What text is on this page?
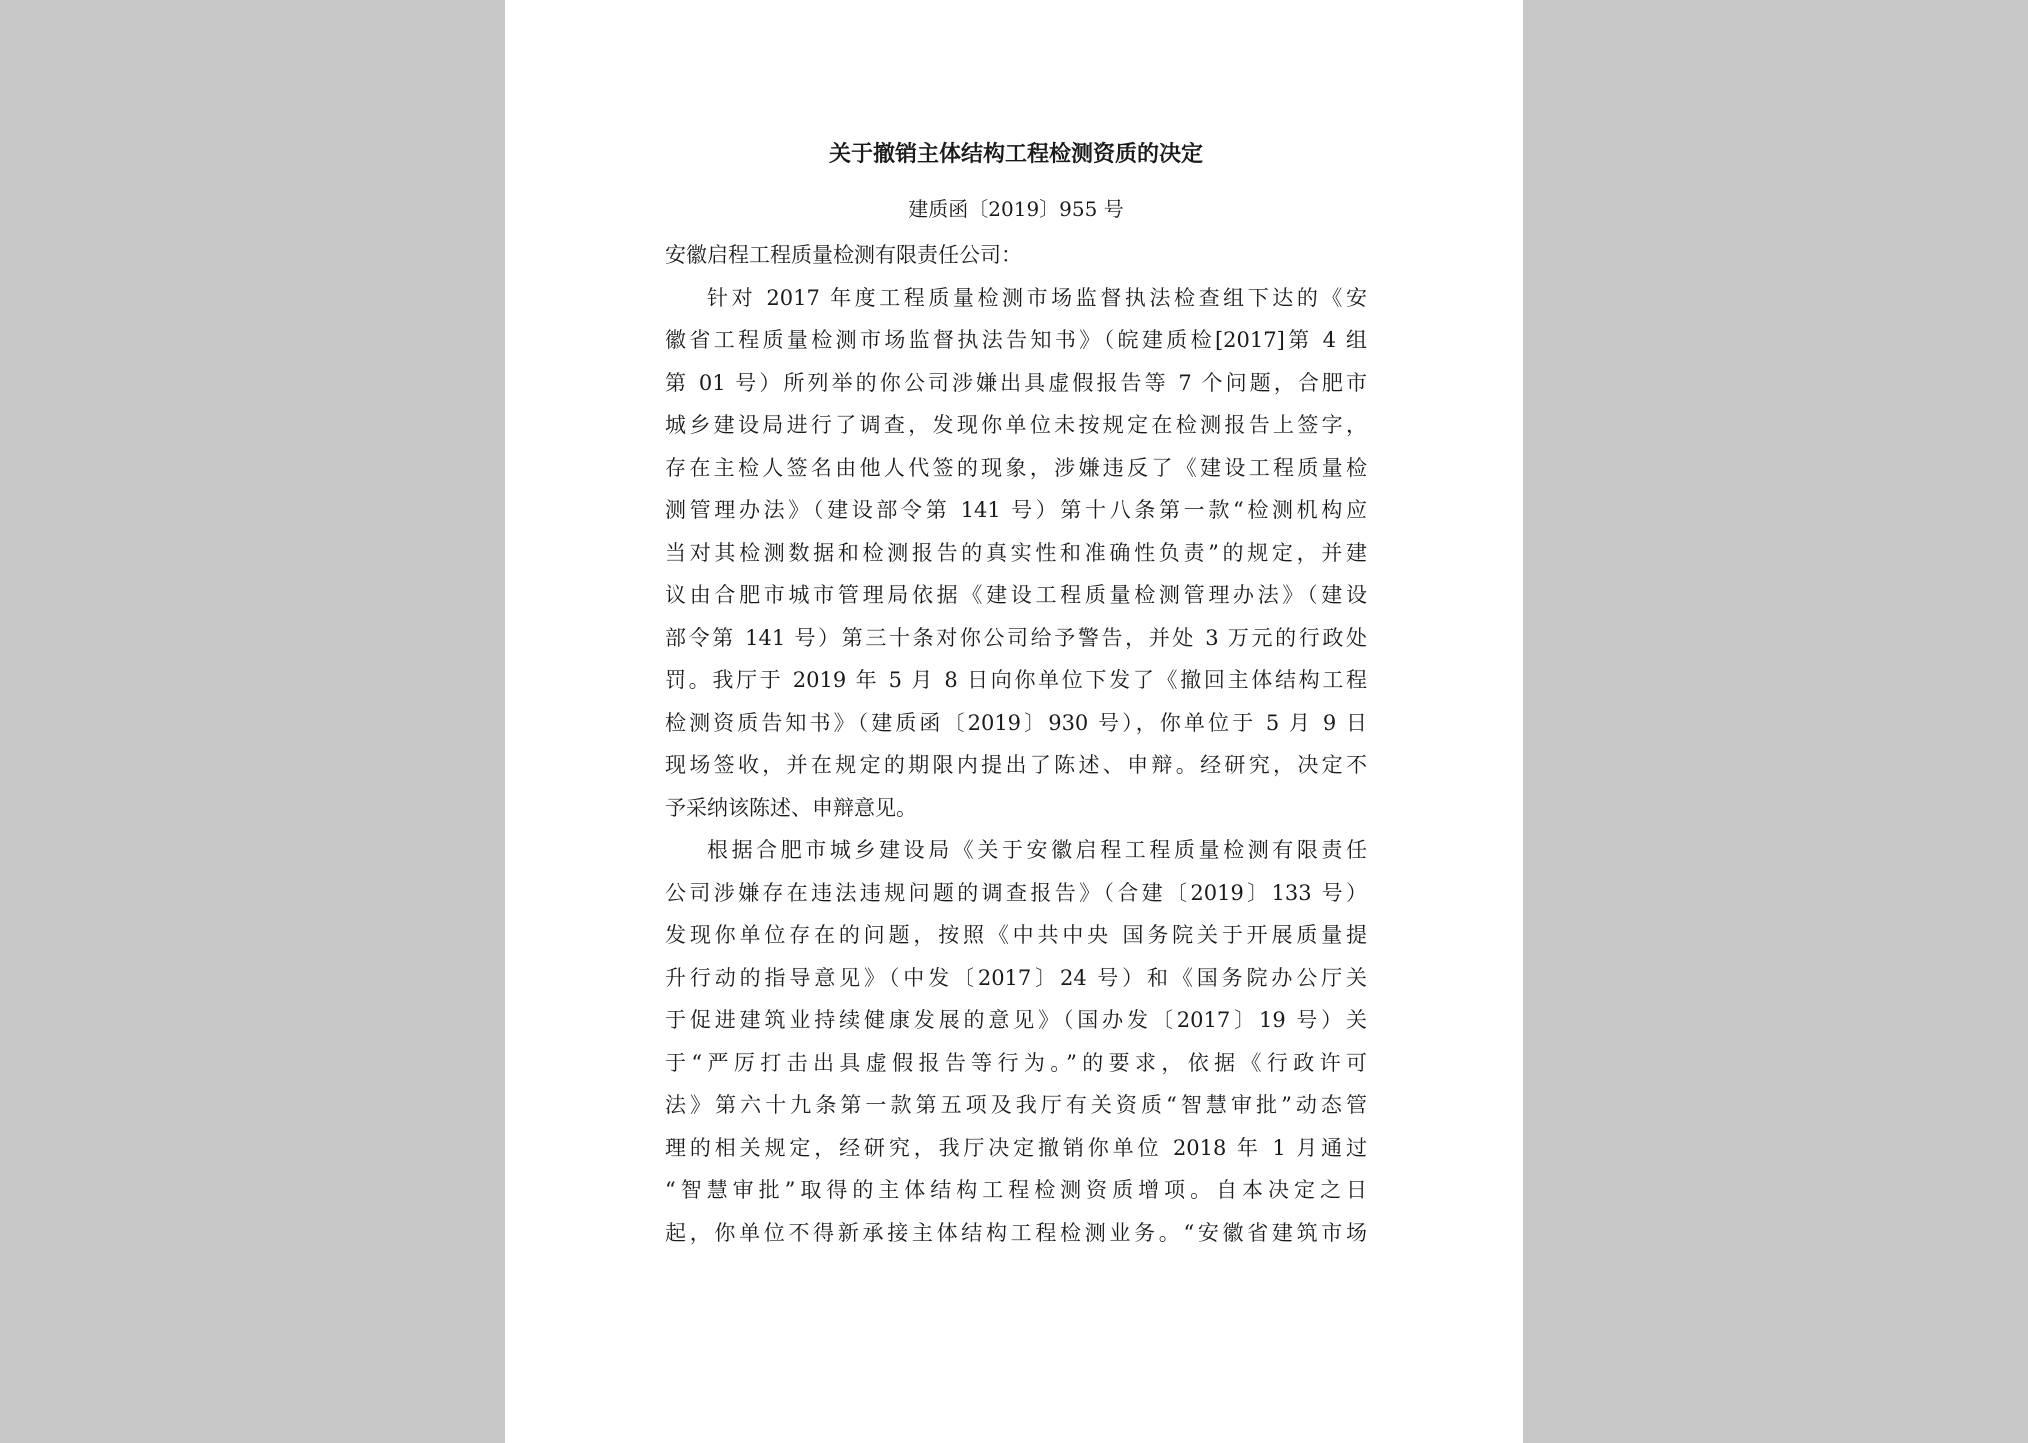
关于撤销主体结构工程检测资质的决定
建质函〔2019〕955 号
安徽启程工程质量检测有限责任公司：
针对 2017 年度工程质量检测市场监督执法检查组下达的《安
徽省工程质量检测市场监督执法告知书》（皖建质检[2017]第 4 组
第 01 号）所列举的你公司涉嫌出具虚假报告等 7 个问题，合肥市
城乡建设局进行了调查，发现你单位未按规定在检测报告上签字，
存在主检人签名由他人代签的现象，涉嫌违反了《建设工程质量检
测管理办法》（建设部令第 141 号）第十八条第一款“检测机构应
当对其检测数据和检测报告的真实性和准确性负责”的规定，并建
议由合肥市城市管理局依据《建设工程质量检测管理办法》（建设
部令第 141 号）第三十条对你公司给予警告，并处 3 万元的行政处
罚。我厅于 2019 年 5 月 8 日向你单位下发了《撤回主体结构工程
检测资质告知书》（建质函〔2019〕930 号），你单位于 5 月 9 日
现场签收，并在规定的期限内提出了陈述、申辩。经研究，决定不
予采纳该陈述、申辩意见。
根据合肥市城乡建设局《关于安徽启程工程质量检测有限责任
公司涉嫌存在违法违规问题的调查报告》（合建〔2019〕133 号）
发现你单位存在的问题，按照《中共中央 国务院关于开展质量提
升行动的指导意见》（中发〔2017〕24 号）和《国务院办公厅关
于促进建筑业持续健康发展的意见》（国办发〔2017〕19 号）关
于“严厉打击出具虚假报告等行为。”的要求，依据《行政许可
法》第六十九条第一款第五项及我厅有关资质“智慧审批”动态管
理的相关规定，经研究，我厅决定撤销你单位 2018 年 1 月通过
“智慧审批”取得的主体结构工程检测资质增项。自本决定之日
起，你单位不得新承接主体结构工程检测业务。“安徽省建筑市场
